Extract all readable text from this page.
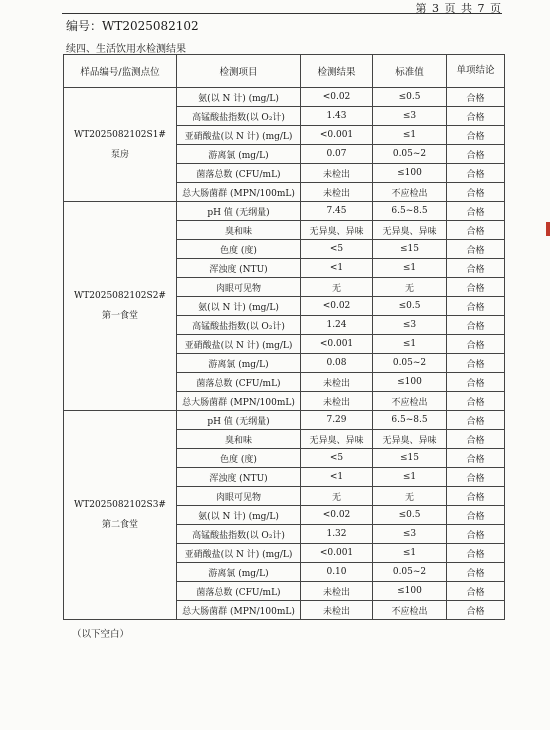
第 3 页 共 7 页
编号：WT2025082102
续四、生活饮用水检测结果
样品编号/监测点位	检测项目	检测结果	标准值	单项结论

WT2025082102S1#
泵房	氨(以 N 计) (mg/L)	<0.02	≤0.5	合格
	高锰酸盐指数(以 O₂计)	1.43	≤3	合格
	亚硝酸盐(以 N 计) (mg/L)	<0.001	≤1	合格
	游离氯 (mg/L)	0.07	0.05~2	合格
	菌落总数 (CFU/mL)	未检出	≤100	合格
	总大肠菌群 (MPN/100mL)	未检出	不应检出	合格

WT2025082102S2#
第一食堂	pH 值 (无纲量)	7.45	6.5~8.5	合格
	臭和味	无异臭、异味	无异臭、异味	合格
	色度 (度)	<5	≤15	合格
	浑浊度 (NTU)	<1	≤1	合格
	肉眼可见物	无	无	合格
	氨(以 N 计) (mg/L)	<0.02	≤0.5	合格
	高锰酸盐指数(以 O₂计)	1.24	≤3	合格
	亚硝酸盐(以 N 计) (mg/L)	<0.001	≤1	合格
	游离氯 (mg/L)	0.08	0.05~2	合格
	菌落总数 (CFU/mL)	未检出	≤100	合格
	总大肠菌群 (MPN/100mL)	未检出	不应检出	合格

WT2025082102S3#
第二食堂	pH 值 (无纲量)	7.29	6.5~8.5	合格
	臭和味	无异臭、异味	无异臭、异味	合格
	色度 (度)	<5	≤15	合格
	浑浊度 (NTU)	<1	≤1	合格
	肉眼可见物	无	无	合格
	氨(以 N 计) (mg/L)	<0.02	≤0.5	合格
	高锰酸盐指数(以 O₂计)	1.32	≤3	合格
	亚硝酸盐(以 N 计) (mg/L)	<0.001	≤1	合格
	游离氯 (mg/L)	0.10	0.05~2	合格
	菌落总数 (CFU/mL)	未检出	≤100	合格
	总大肠菌群 (MPN/100mL)	未检出	不应检出	合格
（以下空白）
